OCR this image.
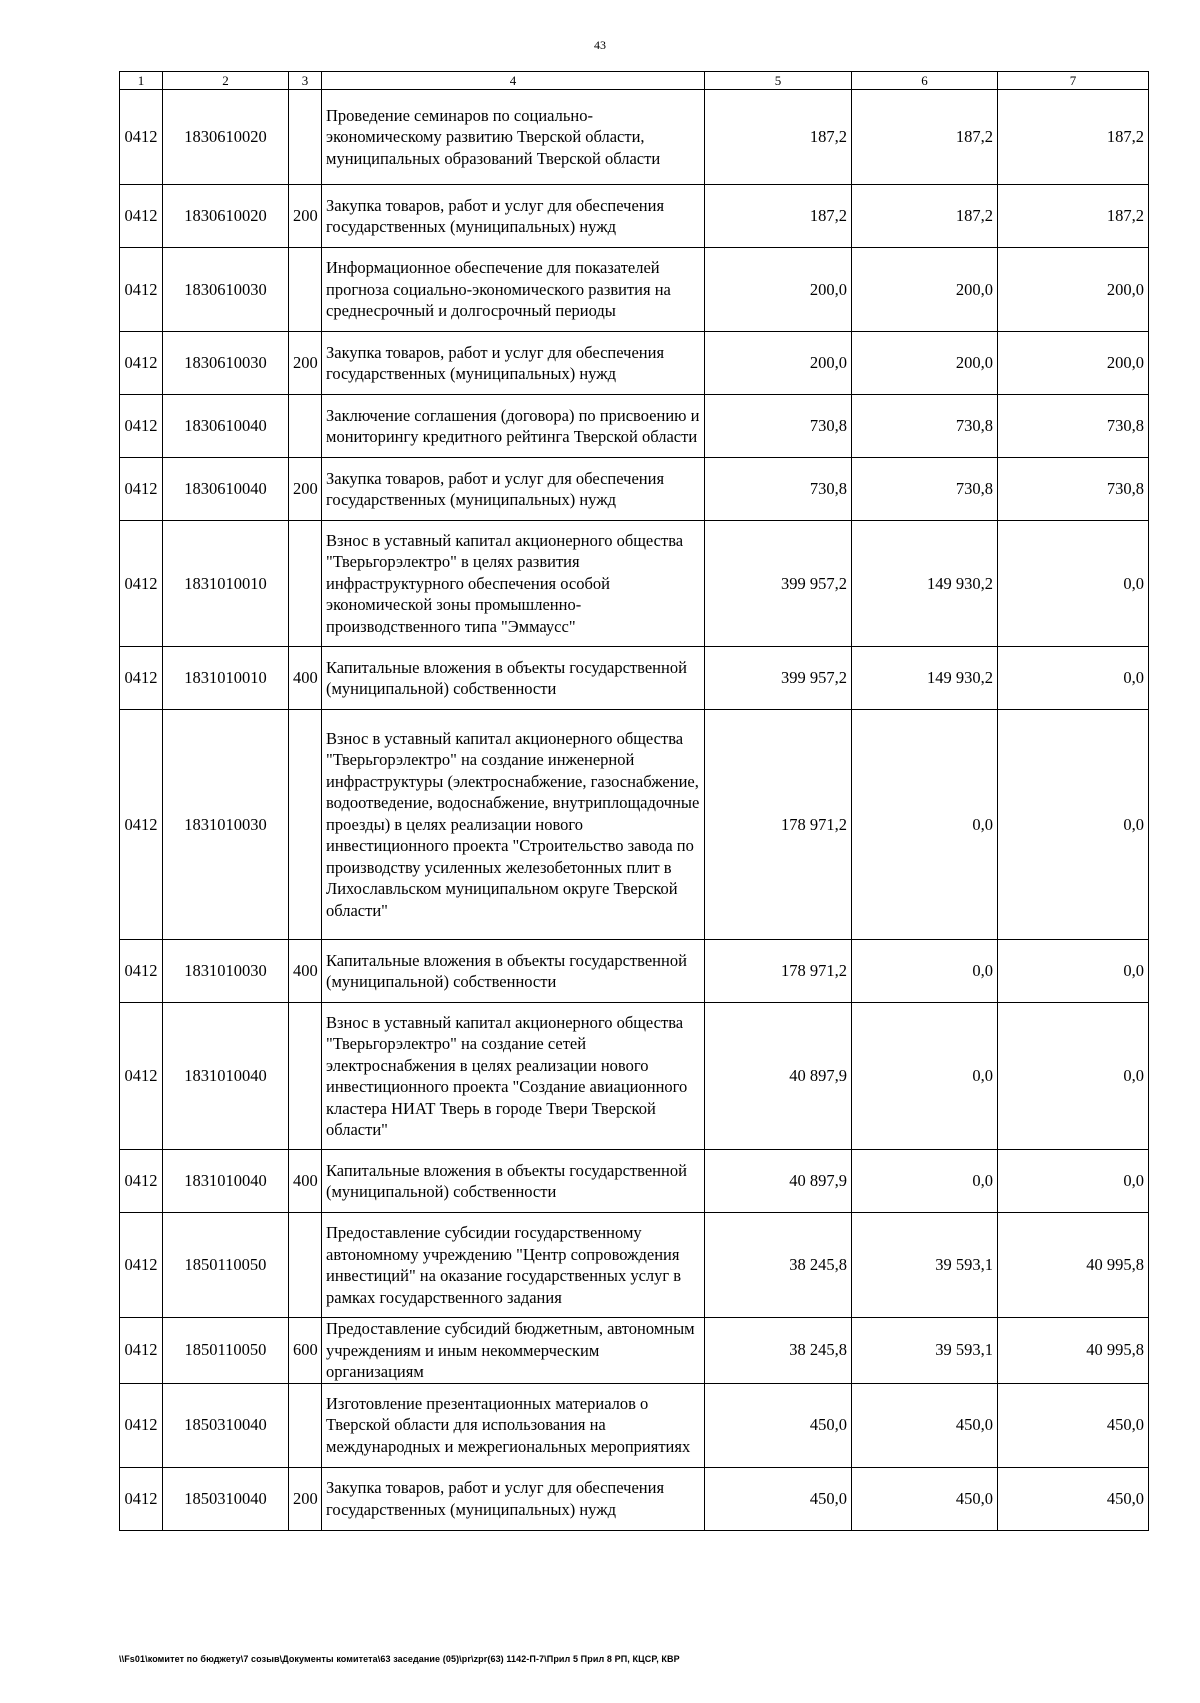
43
1	2	3	4	5	6	7
0412	1830610020		Проведение семинаров по социально-экономическому развитию Тверской области, муниципальных образований Тверской области	187,2	187,2	187,2
0412	1830610020	200	Закупка товаров, работ и услуг для обеспечения государственных (муниципальных) нужд	187,2	187,2	187,2
0412	1830610030		Информационное обеспечение для показателей прогноза социально-экономического развития на среднесрочный и долгосрочный периоды	200,0	200,0	200,0
0412	1830610030	200	Закупка товаров, работ и услуг для обеспечения государственных (муниципальных) нужд	200,0	200,0	200,0
0412	1830610040		Заключение соглашения (договора) по присвоению и мониторингу кредитного рейтинга Тверской области	730,8	730,8	730,8
0412	1830610040	200	Закупка товаров, работ и услуг для обеспечения государственных (муниципальных) нужд	730,8	730,8	730,8
0412	1831010010		Взнос в уставный капитал акционерного общества "Тверьгорэлектро" в целях развития инфраструктурного обеспечения особой экономической зоны промышленно-производственного типа "Эммаусс"	399 957,2	149 930,2	0,0
0412	1831010010	400	Капитальные вложения в объекты государственной (муниципальной) собственности	399 957,2	149 930,2	0,0
0412	1831010030		Взнос в уставный капитал акционерного общества "Тверьгорэлектро" на создание инженерной инфраструктуры (электроснабжение, газоснабжение, водоотведение, водоснабжение, внутриплощадочные проезды) в целях реализации нового инвестиционного проекта "Строительство завода по производству усиленных железобетонных плит в Лихославльском муниципальном округе Тверской области"	178 971,2	0,0	0,0
0412	1831010030	400	Капитальные вложения в объекты государственной (муниципальной) собственности	178 971,2	0,0	0,0
0412	1831010040		Взнос в уставный капитал акционерного общества "Тверьгорэлектро" на создание сетей электроснабжения в целях реализации нового инвестиционного проекта "Создание авиационного кластера НИАТ Тверь в городе Твери Тверской области"	40 897,9	0,0	0,0
0412	1831010040	400	Капитальные вложения в объекты государственной (муниципальной) собственности	40 897,9	0,0	0,0
0412	1850110050		Предоставление субсидии государственному автономному учреждению "Центр сопровождения инвестиций" на оказание государственных услуг в рамках государственного задания	38 245,8	39 593,1	40 995,8
0412	1850110050	600	Предоставление субсидий бюджетным, автономным учреждениям и иным некоммерческим организациям	38 245,8	39 593,1	40 995,8
0412	1850310040		Изготовление презентационных материалов о Тверской области для использования на международных и межрегиональных мероприятиях	450,0	450,0	450,0
0412	1850310040	200	Закупка товаров, работ и услуг для обеспечения государственных (муниципальных) нужд	450,0	450,0	450,0
\\Fs01\комитет по бюджету\7 созыв\Документы комитета\63 заседание (05)\pr\zpr(63) 1142-П-7\Прил 5 Прил 8 РП, КЦСР, КВР
